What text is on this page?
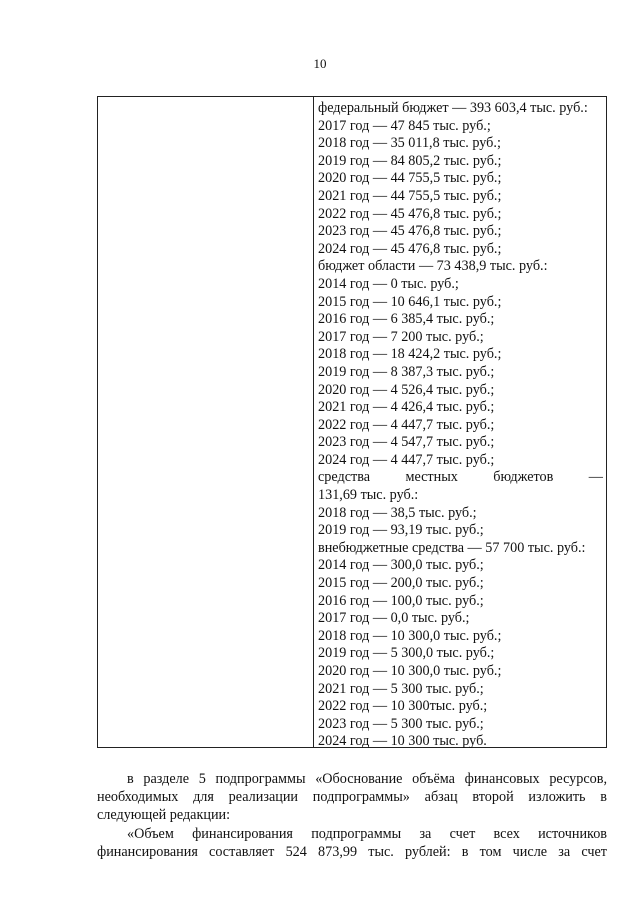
10
федеральный бюджет — 393 603,4 тыс. руб.:
2017 год — 47 845 тыс. руб.;
2018 год — 35 011,8 тыс. руб.;
2019 год — 84 805,2 тыс. руб.;
2020 год — 44 755,5 тыс. руб.;
2021 год — 44 755,5 тыс. руб.;
2022 год — 45 476,8 тыс. руб.;
2023 год — 45 476,8 тыс. руб.;
2024 год — 45 476,8 тыс. руб.;
бюджет области — 73 438,9 тыс. руб.:
2014 год — 0 тыс. руб.;
2015 год — 10 646,1 тыс. руб.;
2016 год — 6 385,4 тыс. руб.;
2017 год — 7 200 тыс. руб.;
2018 год — 18 424,2 тыс. руб.;
2019 год — 8 387,3 тыс. руб.;
2020 год — 4 526,4 тыс. руб.;
2021 год — 4 426,4 тыс. руб.;
2022 год — 4 447,7 тыс. руб.;
2023 год — 4 547,7 тыс. руб.;
2024 год — 4 447,7 тыс. руб.;
средства местных бюджетов —
131,69 тыс. руб.:
2018 год — 38,5 тыс. руб.;
2019 год — 93,19 тыс. руб.;
внебюджетные средства — 57 700 тыс. руб.:
2014 год — 300,0 тыс. руб.;
2015 год — 200,0 тыс. руб.;
2016 год — 100,0 тыс. руб.;
2017 год — 0,0 тыс. руб.;
2018 год — 10 300,0 тыс. руб.;
2019 год — 5 300,0 тыс. руб.;
2020 год — 10 300,0 тыс. руб.;
2021 год — 5 300 тыс. руб.;
2022 год — 10 300тыс. руб.;
2023 год — 5 300 тыс. руб.;
2024 год — 10 300 тыс. руб.
в разделе 5 подпрограммы «Обоснование объёма финансовых ресурсов,
необходимых для реализации подпрограммы» абзац второй изложить в
следующей редакции:
«Объем финансирования подпрограммы за счет всех источников
финансирования составляет 524 873,99 тыс. рублей: в том числе за счет
